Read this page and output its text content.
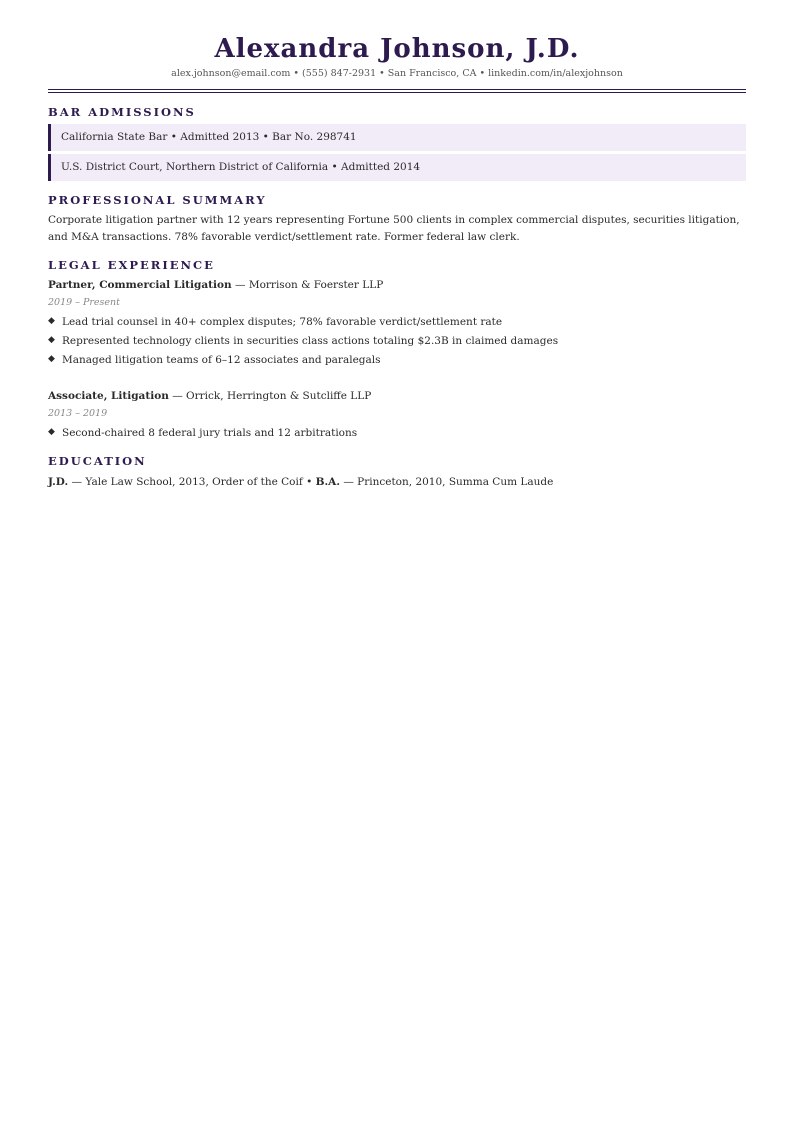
Alexandra Johnson, J.D.
alex.johnson@email.com • (555) 847-2931 • San Francisco, CA • linkedin.com/in/alexjohnson
BAR ADMISSIONS
California State Bar • Admitted 2013 • Bar No. 298741
U.S. District Court, Northern District of California • Admitted 2014
PROFESSIONAL SUMMARY

Corporate litigation partner with 12 years representing Fortune 500 clients in complex commercial disputes, securities litigation, and M&A transactions. 78% favorable verdict/settlement rate. Former federal law clerk.

LEGAL EXPERIENCE
Partner, Commercial Litigation — Morrison & Foerster LLP
2019 – Present
◆ Lead trial counsel in 40+ complex disputes; 78% favorable verdict/settlement rate
◆ Represented technology clients in securities class actions totaling $2.3B in claimed damages
◆ Managed litigation teams of 6–12 associates and paralegals
Associate, Litigation — Orrick, Herrington & Sutcliffe LLP
2013 – 2019
◆ Second-chaired 8 federal jury trials and 12 arbitrations
EDUCATION
J.D. — Yale Law School, 2013, Order of the Coif • B.A. — Princeton, 2010, Summa Cum Laude
